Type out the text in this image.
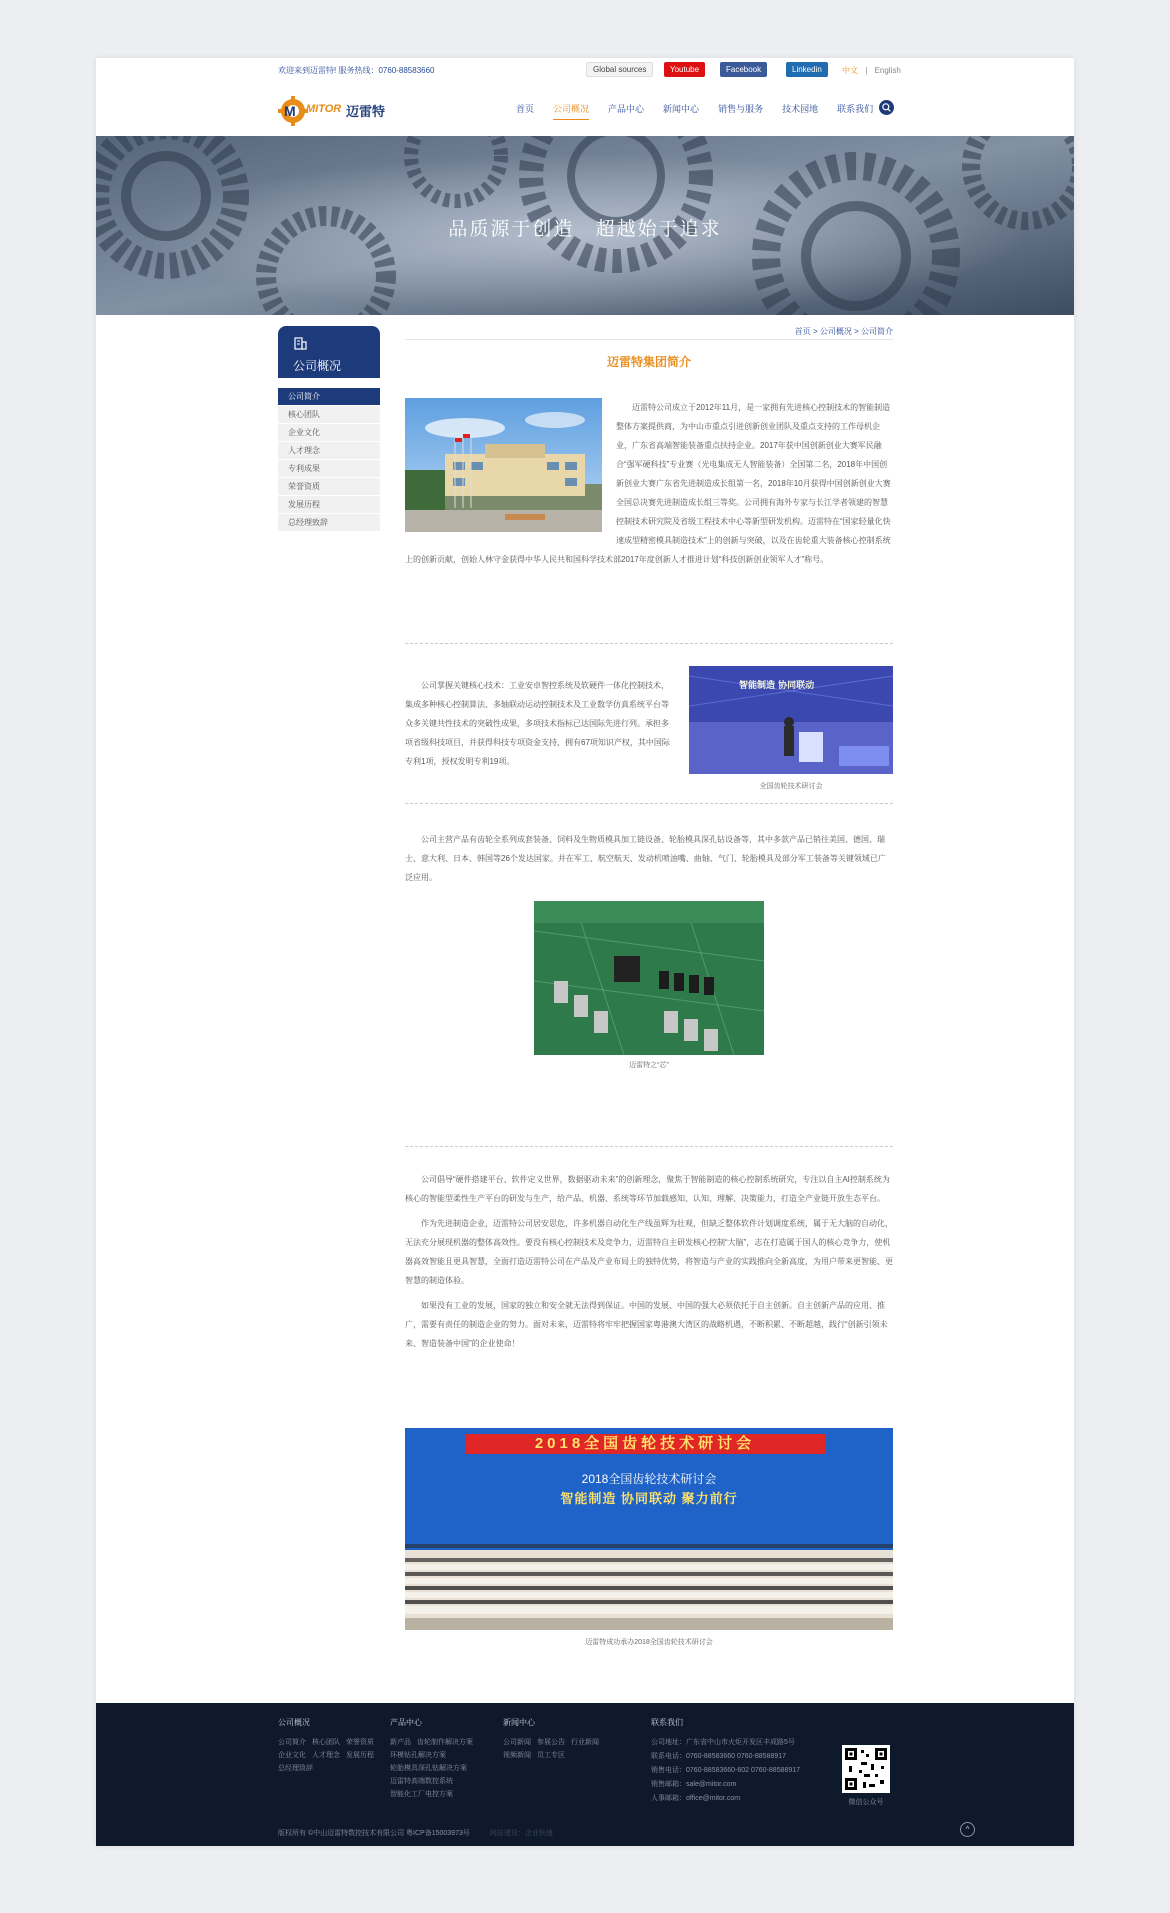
欢迎来到迈雷特! 服务热线：0760-88583660	Global sources	Youtube	Facebook	Linkedin	中文 | English
M MITOR 迈雷特	首页 公司概况 产品中心 新闻中心 销售与服务 技术园地 联系我们
品质源于创造 超越始于追求
公司概况
公司简介
核心团队
企业文化
人才理念
专利成果
荣誉资质
发展历程
总经理致辞
首页 > 公司概况 > 公司简介
迈雷特集团简介

迈雷特公司成立于2012年11月，是一家拥有先进核心控制技术的智能制造整体方案提供商，为中山市重点引进创新创业团队及重点支持的工作母机企业，广东省高端智能装备重点扶持企业。2017年获中国创新创业大赛军民融合“强军硬科技”专业赛（光电集成无人智能装备）全国第二名，2018年中国创新创业大赛广东省先进制造成长组第一名，2018年10月获得中国创新创业大赛全国总决赛先进制造成长组三等奖。公司拥有海外专家与长江学者领建的智慧控制技术研究院及省级工程技术中心等新型研发机构。迈雷特在“国家轻量化快速成型精密模具制造技术”上的创新与突破，以及在齿轮重大装备核心控制系统上的创新贡献，创始人林守金获得中华人民共和国科学技术部2017年度创新人才推进计划“科技创新创业领军人才”称号。

智能制造 协同联动
全国齿轮技术研讨会

公司掌握关键核心技术：工业安卓智控系统及软硬件一体化控制技术，集成多种核心控制算法、多轴联动运动控制技术及工业数学仿真系统平台等众多关键共性技术的突破性成果，多项技术指标已达国际先进行列。承担多项省级科技项目，并获得科技专项资金支持，拥有67项知识产权，其中国际专利1项，授权发明专利19项。

公司主营产品有齿轮全系列成套装备、饲料及生物质模具加工链设备、轮胎模具深孔钻设备等，其中多款产品已销往美国、德国、瑞士、意大利、日本、韩国等26个发达国家。并在军工、航空航天、发动机喷油嘴、曲轴、气门、轮胎模具及部分军工装备等关键领域已广泛应用。

迈雷特之“芯”

公司倡导“硬件搭建平台、软件定义世界，数据驱动未来”的创新理念，聚焦于智能制造的核心控制系统研究，专注以自主AI控制系统为核心的智能型柔性生产平台的研发与生产，给产品、机器、系统等环节加载感知、认知、理解、决策能力，打造全产业链开放生态平台。

作为先进制造企业，迈雷特公司居安思危，许多机器自动化生产线虽辉为壮观，但缺乏整体软件计划调度系统，属于无大脑的自动化，无法充分展现机器的整体高效性。要没有核心控制技术及竞争力，迈雷特自主研发核心控制“大脑”，志在打造属于国人的核心竞争力，使机器高效智能且更具智慧，全面打造迈雷特公司在产品及产业布局上的独特优势，将智造与产业的实践推向全新高度，为用户带来更智能、更智慧的制造体验。

如果没有工业的发展，国家的独立和安全就无法得到保证。中国的发展、中国的强大必须依托于自主创新。自主创新产品的应用、推广，需要有责任的制造企业的努力。面对未来，迈雷特将牢牢把握国家粤港澳大湾区的战略机遇，不断积累、不断超越，践行“创新引领未来、智造装备中国”的企业使命！

2018全国齿轮技术研讨会
2018全国齿轮技术研讨会
智能制造 协同联动 聚力前行
迈雷特成功承办2018全国齿轮技术研讨会
公司概况
公司简介 核心团队 荣誉资质
企业文化 人才理念 发展历程
总经理致辞
产品中心
新产品 齿轮制作解决方案
环模钻孔解决方案
轮胎模具深孔钻解决方案
迈雷特高端数控系统
智能化工厂电控方案
新闻中心
公司新闻 参展公告 行业新闻
视频新闻 员工专区
联系我们
公司地址：广东省中山市火炬开发区丰成路5号
联系电话：0760-88583660 0760-88588917
销售电话：0760-88583660-602 0760-88588917
销售邮箱：sale@mitor.com
人事邮箱：office@mitor.com
微信公众号
版权所有 ©中山迈雷特数控技术有限公司 粤ICP备15003973号	网站建设：企业快速	^
